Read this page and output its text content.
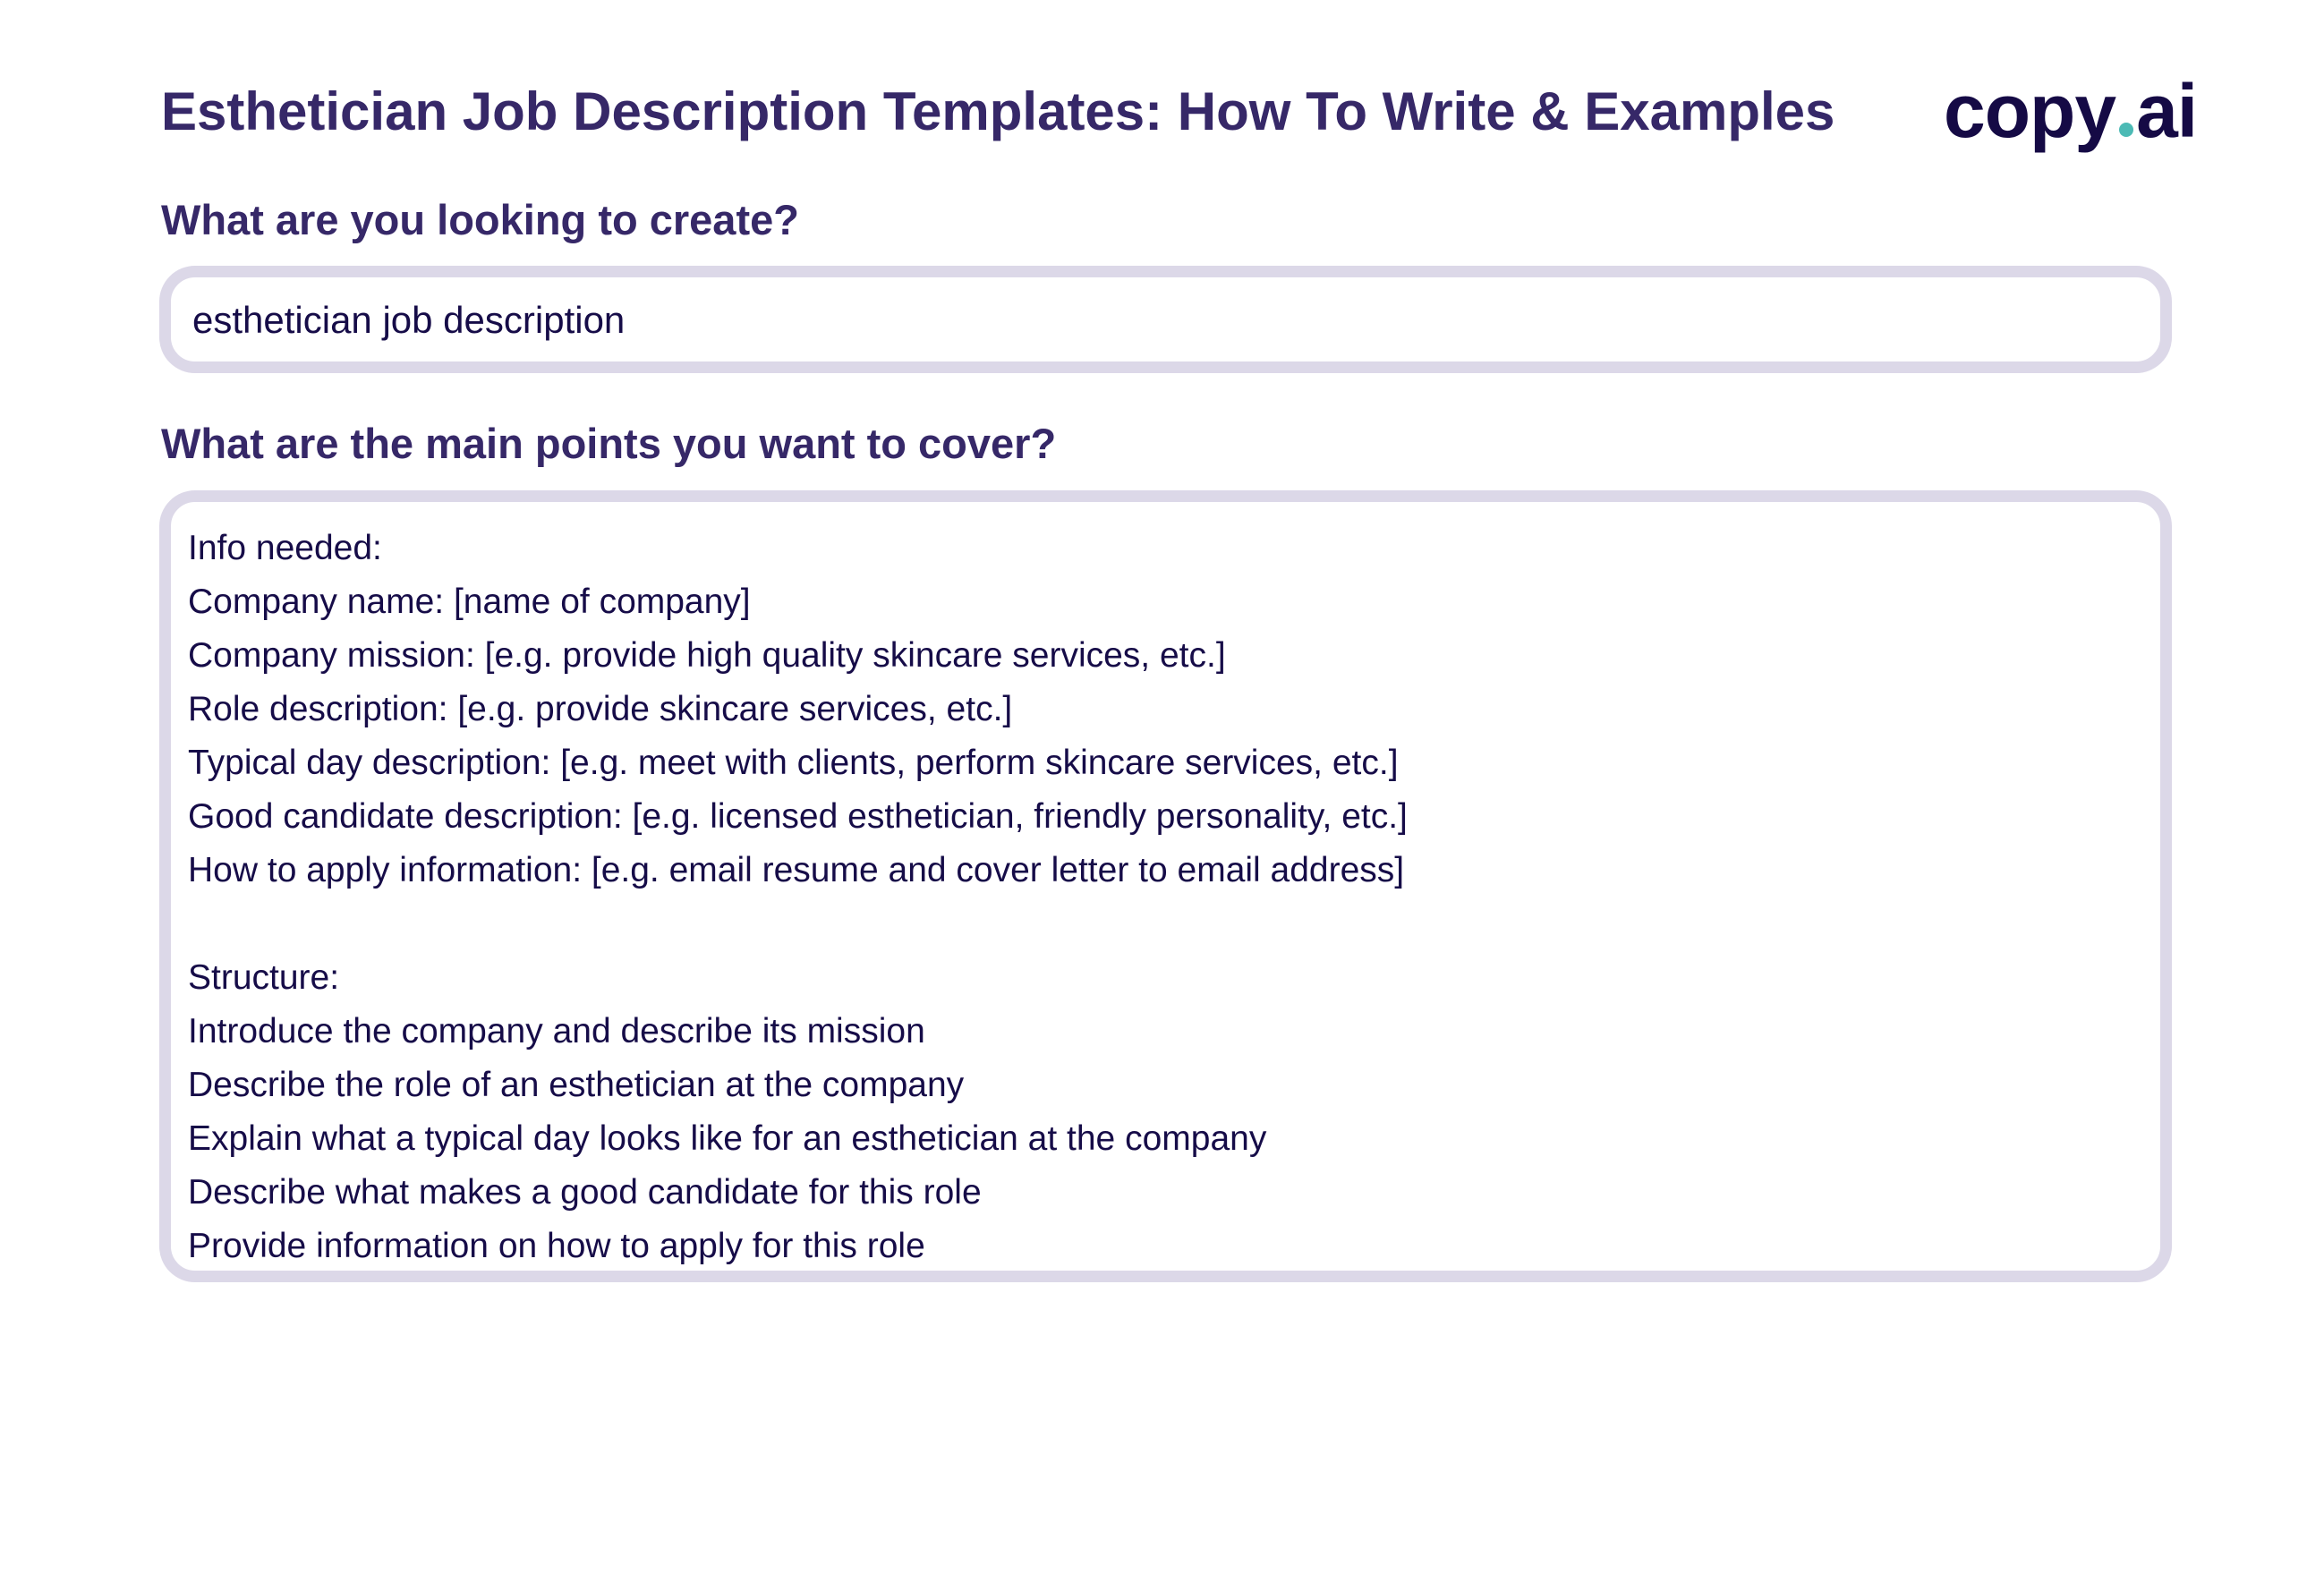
Esthetician Job Description Templates: How To Write & Examples copy ai
What are you looking to create?
esthetician job description
What are the main points you want to cover?
Info needed:
Company name: [name of company]
Company mission: [e.g. provide high quality skincare services, etc.]
Role description: [e.g. provide skincare services, etc.]
Typical day description: [e.g. meet with clients, perform skincare services, etc.]
Good candidate description: [e.g. licensed esthetician, friendly personality, etc.]
How to apply information: [e.g. email resume and cover letter to email address]
Structure:
Introduce the company and describe its mission
Describe the role of an esthetician at the company
Explain what a typical day looks like for an esthetician at the company
Describe what makes a good candidate for this role
Provide information on how to apply for this role
